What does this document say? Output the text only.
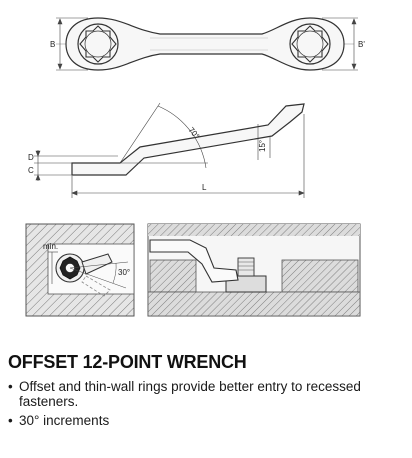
B	B'
70°
15°
D
C
L
min.
30°
OFFSET 12-POINT WRENCH
• Offset and thin-wall rings provide better entry to recessed fasteners.
• 30° increments
